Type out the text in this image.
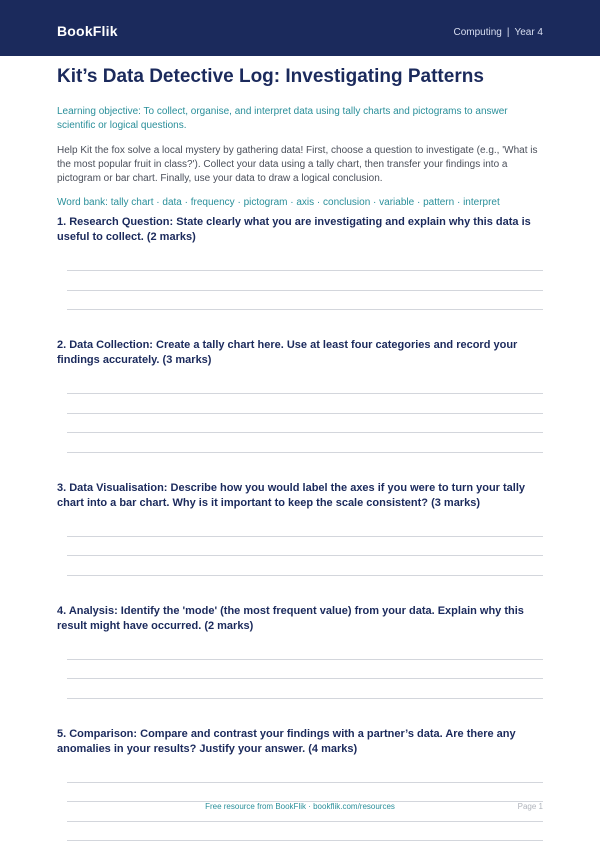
BookFlik	Computing | Year 4
Kit’s Data Detective Log: Investigating Patterns
Learning objective: To collect, organise, and interpret data using tally charts and pictograms to answer scientific or logical questions.
Help Kit the fox solve a local mystery by gathering data! First, choose a question to investigate (e.g., 'What is the most popular fruit in class?'). Collect your data using a tally chart, then transfer your findings into a pictogram or bar chart. Finally, use your data to draw a logical conclusion.
Word bank: tally chart · data · frequency · pictogram · axis · conclusion · variable · pattern · interpret
1. Research Question: State clearly what you are investigating and explain why this data is useful to collect. (2 marks)
2. Data Collection: Create a tally chart here. Use at least four categories and record your findings accurately. (3 marks)
3. Data Visualisation: Describe how you would label the axes if you were to turn your tally chart into a bar chart. Why is it important to keep the scale consistent? (3 marks)
4. Analysis: Identify the 'mode' (the most frequent value) from your data. Explain why this result might have occurred. (2 marks)
5. Comparison: Compare and contrast your findings with a partner’s data. Are there any anomalies in your results? Justify your answer. (4 marks)
Free resource from BookFlik · bookflik.com/resources	Page 1
